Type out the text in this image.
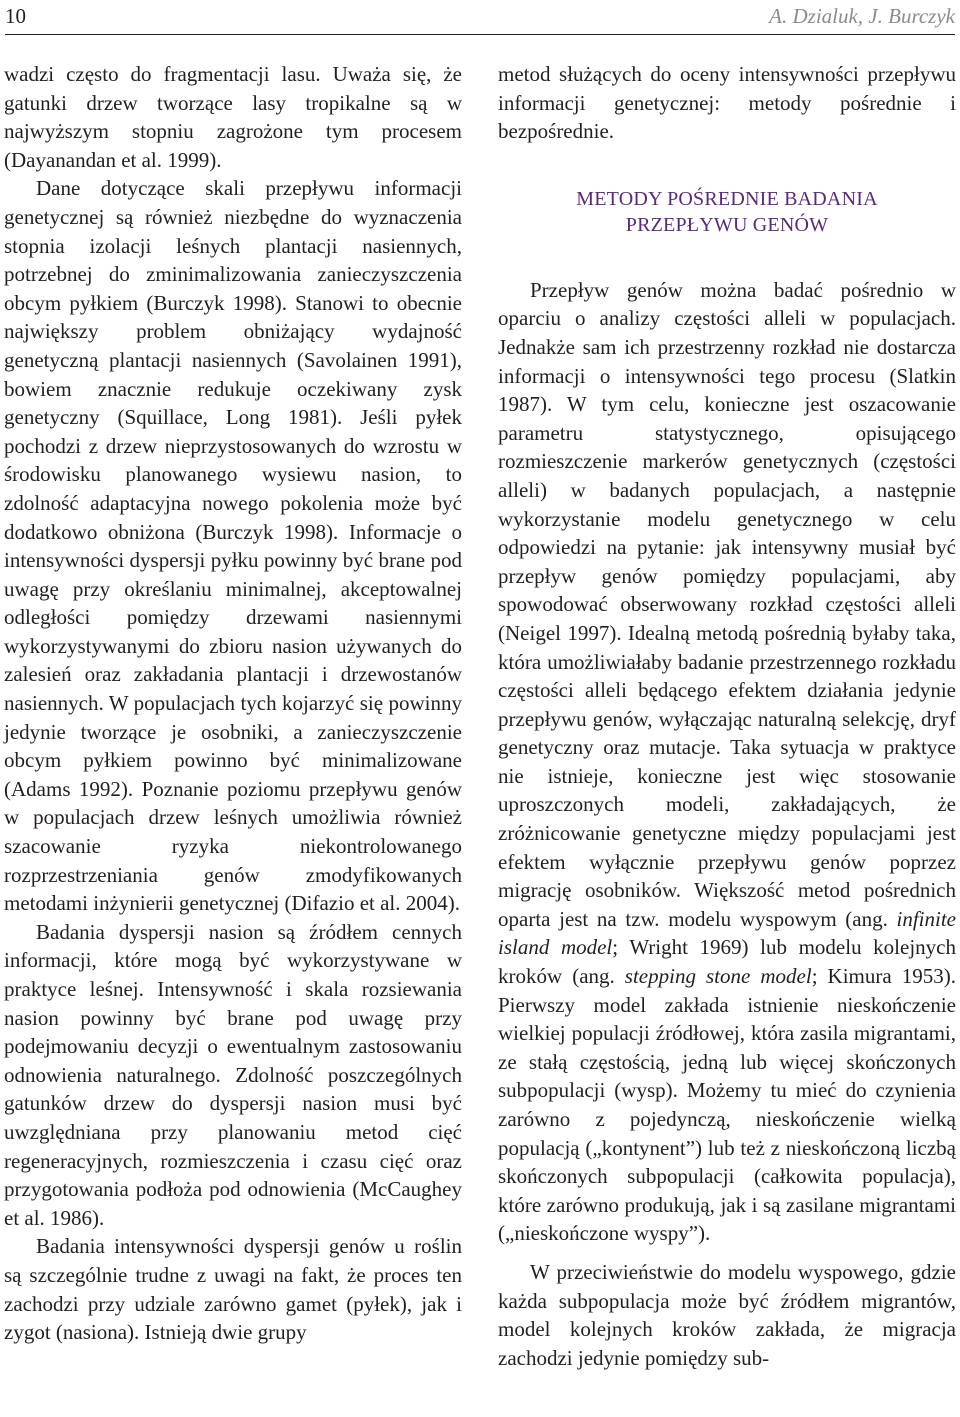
10	A. Dzialuk, J. Burczyk

wadzi często do fragmentacji lasu. Uważa się, że gatunki drzew tworzące lasy tropikalne są w najwyższym stopniu zagrożone tym procesem (Dayanandan et al. 1999).

Dane dotyczące skali przepływu informacji genetycznej są również niezbędne do wyznaczenia stopnia izolacji leśnych plantacji nasiennych, potrzebnej do zminimalizowania zanieczyszczenia obcym pyłkiem (Burczyk 1998). Stanowi to obecnie największy problem obniżający wydajność genetyczną plantacji nasiennych (Savolainen 1991), bowiem znacznie redukuje oczekiwany zysk genetyczny (Squillace, Long 1981). Jeśli pyłek pochodzi z drzew nieprzystosowanych do wzrostu w środowisku planowanego wysiewu nasion, to zdolność adaptacyjna nowego pokolenia może być dodatkowo obniżona (Burczyk 1998). Informacje o intensywności dyspersji pyłku powinny być brane pod uwagę przy określaniu minimalnej, akceptowalnej odległości pomiędzy drzewami nasiennymi wykorzystywanymi do zbioru nasion używanych do zalesień oraz zakładania plantacji i drzewostanów nasiennych. W populacjach tych kojarzyć się powinny jedynie tworzące je osobniki, a zanieczyszczenie obcym pyłkiem powinno być minimalizowane (Adams 1992). Poznanie poziomu przepływu genów w populacjach drzew leśnych umożliwia również szacowanie ryzyka niekontrolowanego rozprzestrzeniania genów zmodyfikowanych metodami inżynierii genetycznej (Difazio et al. 2004).

Badania dyspersji nasion są źródłem cennych informacji, które mogą być wykorzystywane w praktyce leśnej. Intensywność i skala rozsiewania nasion powinny być brane pod uwagę przy podejmowaniu decyzji o ewentualnym zastosowaniu odnowienia naturalnego. Zdolność poszczególnych gatunków drzew do dyspersji nasion musi być uwzględniana przy planowaniu metod cięć regeneracyjnych, rozmieszczenia i czasu cięć oraz przygotowania podłoża pod odnowienia (McCaughey et al. 1986).

Badania intensywności dyspersji genów u roślin są szczególnie trudne z uwagi na fakt, że proces ten zachodzi przy udziale zarówno gamet (pyłek), jak i zygot (nasiona). Istnieją dwie grupy

metod służących do oceny intensywności przepływu informacji genetycznej: metody pośrednie i bezpośrednie.

METODY POŚREDNIE BADANIA
PRZEPŁYWU GENÓW

Przepływ genów można badać pośrednio w oparciu o analizy częstości alleli w populacjach. Jednakże sam ich przestrzenny rozkład nie dostarcza informacji o intensywności tego procesu (Slatkin 1987). W tym celu, konieczne jest oszacowanie parametru statystycznego, opisującego rozmieszczenie markerów genetycznych (częstości alleli) w badanych populacjach, a następnie wykorzystanie modelu genetycznego w celu odpowiedzi na pytanie: jak intensywny musiał być przepływ genów pomiędzy populacjami, aby spowodować obserwowany rozkład częstości alleli (Neigel 1997). Idealną metodą pośrednią byłaby taka, która umożliwiałaby badanie przestrzennego rozkładu częstości alleli będącego efektem działania jedynie przepływu genów, wyłączając naturalną selekcję, dryf genetyczny oraz mutacje. Taka sytuacja w praktyce nie istnieje, konieczne jest więc stosowanie uproszczonych modeli, zakładających, że zróżnicowanie genetyczne między populacjami jest efektem wyłącznie przepływu genów poprzez migrację osobników. Większość metod pośrednich oparta jest na tzw. modelu wyspowym (ang. infinite island model; Wright 1969) lub modelu kolejnych kroków (ang. stepping stone model; Kimura 1953). Pierwszy model zakłada istnienie nieskończenie wielkiej populacji źródłowej, która zasila migrantami, ze stałą częstością, jedną lub więcej skończonych subpopulacji (wysp). Możemy tu mieć do czynienia zarówno z pojedynczą, nieskończenie wielką populacją („kontynent”) lub też z nieskończoną liczbą skończonych subpopulacji (całkowita populacja), które zarówno produkują, jak i są zasilane migrantami („nieskończone wyspy”).

W przeciwieństwie do modelu wyspowego, gdzie każda subpopulacja może być źródłem migrantów, model kolejnych kroków zakłada, że migracja zachodzi jedynie pomiędzy sub-
